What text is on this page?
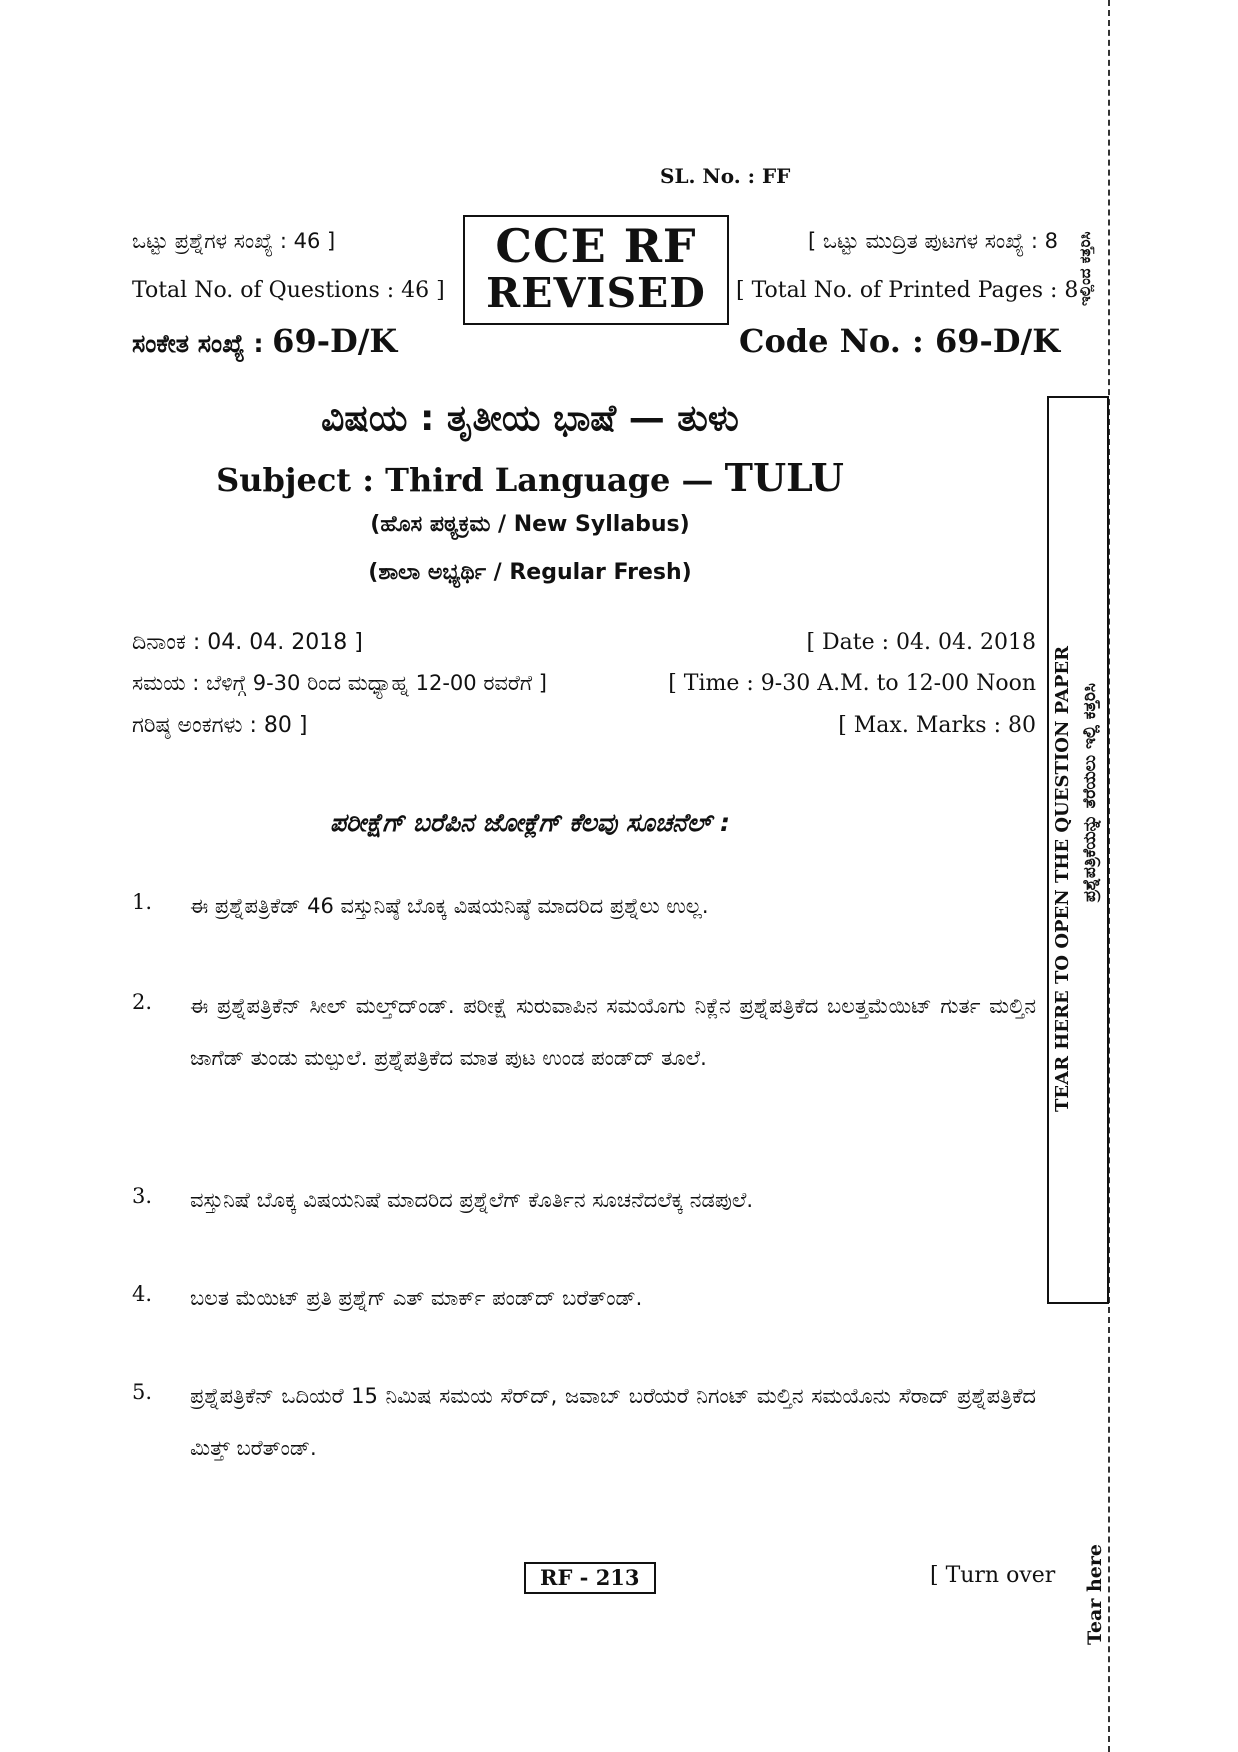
SL. No. : FF
ಒಟ್ಟು ಪ್ರಶ್ನೆಗಳ ಸಂಖ್ಯೆ : 46 ]
Total No. of Questions : 46 ]
ಸಂಕೇತ ಸಂಖ್ಯೆ : 69-D/K
CCE RF
REVISED
[ ಒಟ್ಟು ಮುದ್ರಿತ ಪುಟಗಳ ಸಂಖ್ಯೆ : 8
[ Total No. of Printed Pages : 8
Code No. : 69-D/K
ವಿಷಯ : ತೃತೀಯ ಭಾಷೆ — ತುಳು
Subject : Third Language — TULU
(ಹೊಸ ಪಠ್ಯಕ್ರಮ / New Syllabus)
(ಶಾಲಾ ಅಭ್ಯರ್ಥಿ / Regular Fresh)
ದಿನಾಂಕ : 04. 04. 2018 ]
ಸಮಯ : ಬೆಳಿಗ್ಗೆ 9-30 ರಿಂದ ಮಧ್ಯಾಹ್ನ 12-00 ರವರೆಗೆ ]
ಗರಿಷ್ಠ ಅಂಕಗಳು : 80 ]
[ Date : 04. 04. 2018
[ Time : 9-30 A.M. to 12-00 Noon
[ Max. Marks : 80
ಪರೀಕ್ಷೆಗ್ ಬರೆಪಿನ ಜೋಕ್ಲೆಗ್ ಕೆಲವು ಸೂಚನೆಲ್ :
1. ಈ ಪ್ರಶ್ನೆಪತ್ರಿಕೆಡ್ 46 ವಸ್ತುನಿಷ್ಠೆ ಬೊಕ್ಕ ವಿಷಯನಿಷ್ಠೆ ಮಾದರಿದ ಪ್ರಶ್ನೆಲು ಉಲ್ಲ.
2. ಈ ಪ್ರಶ್ನೆಪತ್ರಿಕೆನ್ ಸೀಲ್ ಮಲ್ತ್‌ದ್‌ಂಡ್. ಪರೀಕ್ಷೆ ಸುರುವಾಪಿನ ಸಮಯೊಗು ನಿಕ್ಲೆನ ಪ್ರಶ್ನೆಪತ್ರಿಕೆದ ಬಲತ್ತಮೆಯಿಟ್ ಗುರ್ತ ಮಲ್ತಿನ ಜಾಗೆಡ್ ತುಂಡು ಮಲ್ಪುಲೆ. ಪ್ರಶ್ನೆಪತ್ರಿಕೆದ ಮಾತ ಪುಟ ಉಂಡ ಪಂಡ್‌ದ್ ತೂಲೆ.
3. ವಸ್ತುನಿಷೆ ಬೊಕ್ಕ ವಿಷಯನಿಷೆ ಮಾದರಿದ ಪ್ರಶ್ನೆಲೆಗ್ ಕೊರ್ತಿನ ಸೂಚನೆದಲೆಕ್ಕ ನಡಪುಲೆ.
4. ಬಲತ ಮೆಯಿಟ್ ಪ್ರತಿ ಪ್ರಶ್ನೆಗ್ ಎತ್ ಮಾರ್ಕ್ ಪಂಡ್‌ದ್ ಬರೆತ್‌ಂಡ್.
5. ಪ್ರಶ್ನೆಪತ್ರಿಕೆನ್ ಒದಿಯರೆ 15 ನಿಮಿಷ ಸಮಯ ಸೆರ್‌ದ್, ಜವಾಬ್ ಬರೆಯರೆ ನಿಗಂಟ್ ಮಲ್ತಿನ ಸಮಯೊನು ಸೆರಾದ್ ಪ್ರಶ್ನೆಪತ್ರಿಕೆದ ಮಿತ್ತ್ ಬರೆತ್‌ಂಡ್.
RF - 213	[ Turn over
TEAR HERE TO OPEN THE QUESTION PAPER ಪ್ರಶ್ನೆಪತ್ರಿಕೆಯನ್ನು ತೆರೆಯಲು ಇಲ್ಲಿ ಕತ್ತರಿಸಿ
ಇಲ್ಲಿಂದ ಕತ್ತರಿಸಿ
Tear here
